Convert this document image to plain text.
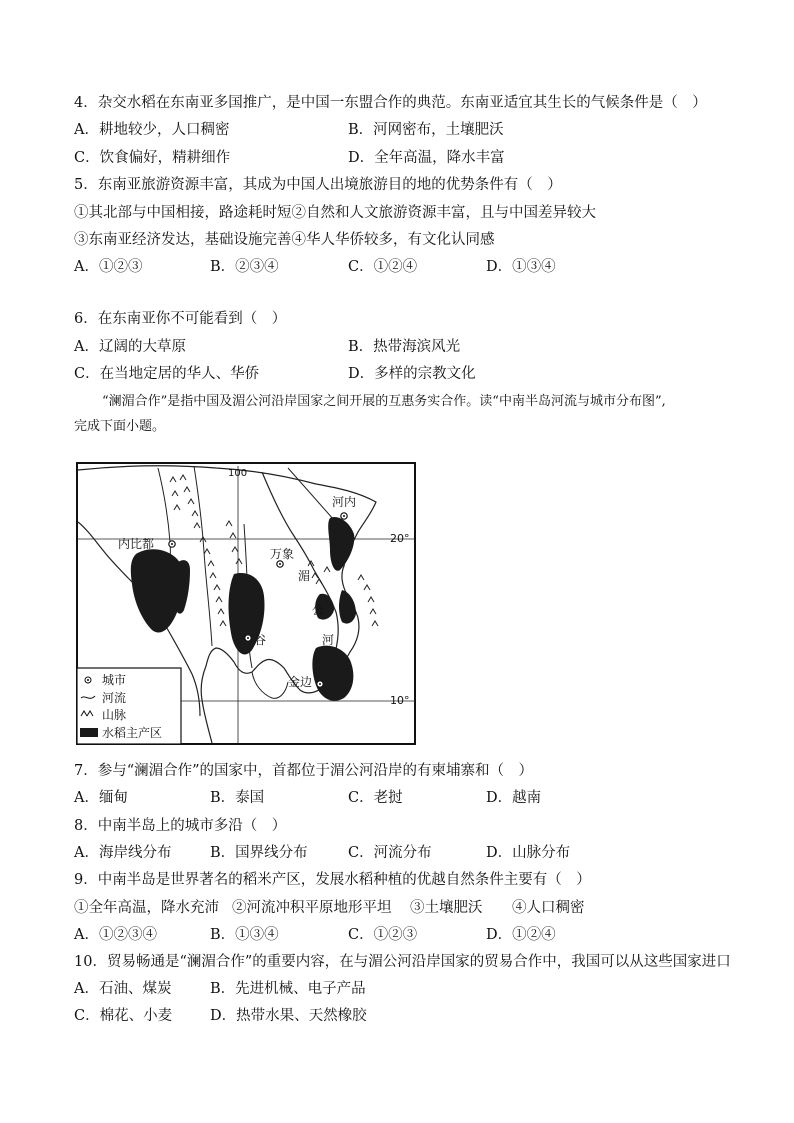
4．杂交水稻在东南亚多国推广，是中国一东盟合作的典范。东南亚适宜其生长的气候条件是（　）
A．耕地较少，人口稠密	B．河网密布，土壤肥沃
C．饮食偏好，精耕细作	D．全年高温，降水丰富
5．东南亚旅游资源丰富，其成为中国人出境旅游目的地的优势条件有（　）
①其北部与中国相接，路途耗时短②自然和人文旅游资源丰富，且与中国差异较大
③东南亚经济发达，基础设施完善④华人华侨较多，有文化认同感
A．①②③	B．②③④	C．①②④	D．①③④
6．在东南亚你不可能看到（　）
A．辽阔的大草原	B．热带海滨风光
C．在当地定居的华人、华侨	D．多样的宗教文化
“澜湄合作”是指中国及湄公河沿岸国家之间开展的互惠务实合作。读“中南半岛河流与城市分布图”,
完成下面小题。
河内
内比都
万象
谷
金边
湄
公
河
20°
10°
100
城市
河流
山脉
水稻主产区
7．参与“澜湄合作”的国家中，首都位于湄公河沿岸的有柬埔寨和（　）
A．缅甸	B．泰国	C．老挝	D．越南
8．中南半岛上的城市多沿（　）
A．海岸线分布	B．国界线分布	C．河流分布	D．山脉分布
9．中南半岛是世界著名的稻米产区，发展水稻种植的优越自然条件主要有（　）
①全年高温，降水充沛 ②河流冲积平原地形平坦 ③土壤肥沃 ④人口稠密
A．①②③④	B．①③④	C．①②③	D．①②④
10．贸易畅通是“澜湄合作”的重要内容，在与湄公河沿岸国家的贸易合作中，我国可以从这些国家进口
A．石油、煤炭	B．先进机械、电子产品
C．棉花、小麦	D．热带水果、天然橡胶
